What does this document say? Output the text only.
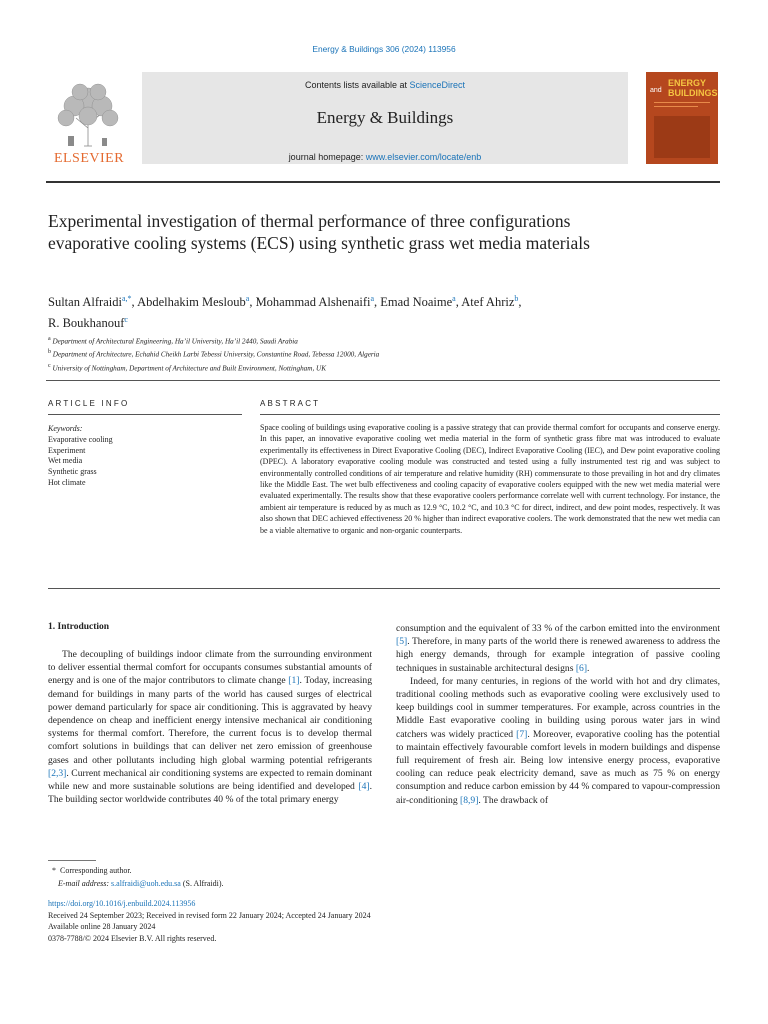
Energy & Buildings 306 (2024) 113956
ELSEVIER
Contents lists available at ScienceDirect
Energy & Buildings
journal homepage: www.elsevier.com/locate/enb
ENERGY
BUILDINGS
and
Experimental investigation of thermal performance of three configurations evaporative cooling systems (ECS) using synthetic grass wet media materials
Sultan Alfraidi$^{a,*}$, Abdelhakim Mesloub$^a$, Mohammad Alshenaifi$^a$, Emad Noaime$^a$, Atef Ahriz$^b$,
R. Boukhanouf$^c$
$^a$ Department of Architectural Engineering, Ha’il University, Ha’il 2440, Saudi Arabia
$^b$ Department of Architecture, Echahid Cheikh Larbi Tebessi University, Constantine Road, Tebessa 12000, Algeria
$^c$ University of Nottingham, Department of Architecture and Built Environment, Nottingham, UK
ARTICLE INFO	ABSTRACT
Keywords:
Evaporative cooling
Experiment
Wet media
Synthetic grass
Hot climate
Space cooling of buildings using evaporative cooling is a passive strategy that can provide thermal comfort for occupants and conserve energy. In this paper, an innovative evaporative cooling wet media material in the form of synthetic grass fibre mat was introduced to evaluate experimentally its effectiveness in Direct Evaporative Cooling (DEC), Indirect Evaporative Cooling (IEC), and Dew point evaporative cooling (DPEC). A laboratory evaporative cooling module was constructed and tested using a fully instrumented test rig and was subject to environmentally controlled conditions of air temperature and relative humidity (RH) commensurate to those prevailing in hot and dry climates like the Middle East. The wet bulb effectiveness and cooling capacity of evaporative coolers equipped with the new wet media material were evaluated experimentally. The results show that these evaporative coolers performance correlate well with current technology. For instance, the ambient air temperature is reduced by as much as 12.9 °C, 10.2 °C, and 10.3 °C for direct, indirect, and dew point modes, respectively. It was also shown that DEC achieved effectiveness 20 % higher than indirect evaporative coolers. The work demonstrated that the new wet media can be a viable alternative to organic and non-organic counterparts.
1. Introduction

The decoupling of buildings indoor climate from the surrounding environment to deliver essential thermal comfort for occupants consumes substantial amounts of energy and is one of the major contributors to climate change [1]. Today, increasing demand for buildings in many parts of the world has caused surges of electrical power demand particularly for space air conditioning. This is aggravated by heavy dependence on cheap and inefficient energy intensive mechanical air conditioning systems for thermal comfort. Therefore, the current focus is to develop thermal comfort solutions in buildings that can deliver net zero emission of greenhouse gases and other pollutants including high global warming potential refrigerants [2,3]. Current mechanical air conditioning systems are expected to remain dominant while new and more sustainable solutions are being identified and developed [4]. The building sector worldwide contributes 40 % of the total primary energy

consumption and the equivalent of 33 % of the carbon emitted into the environment [5]. Therefore, in many parts of the world there is renewed awareness to address the high energy demands, through for example integration of passive cooling techniques in sustainable architectural designs [6].

Indeed, for many centuries, in regions of the world with hot and dry climates, traditional cooling methods such as evaporative cooling were exclusively used to keep buildings cool in summer temperatures. For example, across countries in the Middle East evaporative cooling in building using porous water jars in wind catchers was widely practiced [7]. Moreover, evaporative cooling has the potential to maintain effectively favourable comfort levels in modern buildings and dispense full requirement of fresh air. Being low intensive energy process, evaporative cooling can reduce peak electricity demand, save as much as 75 % on energy consumption and reduce carbon emission by 44 % compared to vapour-compression air-conditioning [8,9]. The drawback of

* Corresponding author.
E-mail address: s.alfraidi@uoh.edu.sa (S. Alfraidi).
https://doi.org/10.1016/j.enbuild.2024.113956
Received 24 September 2023; Received in revised form 22 January 2024; Accepted 24 January 2024
Available online 28 January 2024
0378-7788/© 2024 Elsevier B.V. All rights reserved.
